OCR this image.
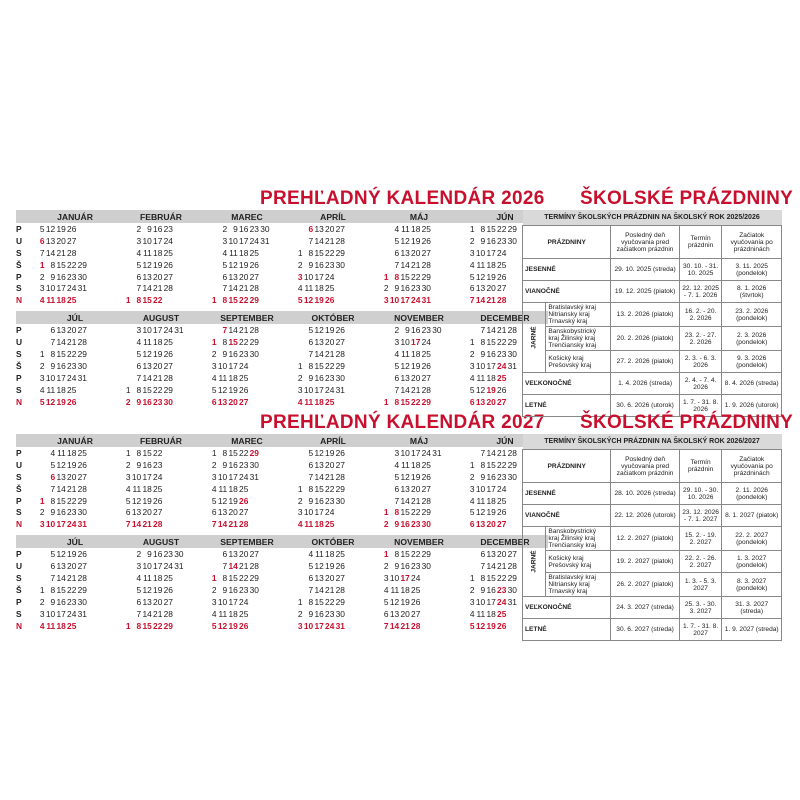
PREHĽADNÝ KALENDÁR 2026
	JANUÁR	FEBRUÁR	MAREC	APRÍL	MÁJ	JÚN
P	5121926	2 91623	2 9162330	6132027	4 111825	1 8152229
U	6132027	3101724	310172431	7142128	5121926	2 9162330
S	7142128	4 111825	4 111825	1 8152229	6132027	3101724
Š	1 8152229	5121926	5121926	2 9162330	7142128	4 111825
P	2 9162330	6132027	6132027	3101724	1 8152229	5121926
S	310172431	7142128	7142128	4 111825	2 9162330	6132027
N	4 111825	1 81522	1 8152229	5121926	310172431	7142128

	JÚL	AUGUST	SEPTEMBER	OKTÓBER	NOVEMBER	DECEMBER
P	6132027	310172431	7142128	5121926	2 9162330	7142128
U	7142128	4 111825	1 8152229	6132027	3101724	1 8152229
S	1 8152229	5121926	2 9162330	7142128	4 111825	2 9162330
Š	2 9162330	6132027	3101724	1 8152229	5121926	310172431
P	310172431	7142128	4 111825	2 9162330	6132027	4 111825
S	4 111825	1 8152229	5121926	310172431	7142128	5121926
N	5121926	2 9162330	6132027	4 111825	1 8152229	6132027
PREHĽADNÝ KALENDÁR 2027
	JANUÁR	FEBRUÁR	MAREC	APRÍL	MÁJ	JÚN
P	4 111825	1 81522	1 8152229	5121926	310172431	7142128
U	5121926	2 91623	2 9162330	6132027	4 111825	1 8152229
S	6132027	3101724	310172431	7142128	5121926	2 9162330
Š	7142128	4 111825	4 111825	1 8152229	6132027	3101724
P	1 8152229	5121926	5121926	2 9162330	7142128	4 111825
S	2 9162330	6132027	6132027	3101724	1 8152229	5121926
N	310172431	7142128	7142128	4 111825	2 9162330	6132027

	JÚL	AUGUST	SEPTEMBER	OKTÓBER	NOVEMBER	DECEMBER
P	5121926	2 9162330	6132027	4 111825	1 8152229	6132027
U	6132027	310172431	7142128	5121926	2 9162330	7142128
S	7142128	4 111825	1 8152229	6132027	3101724	1 8152229
Š	1 8152229	5121926	2 9162330	7142128	4 111825	2 9162330
P	2 9162330	6132027	3101724	1 8152229	5121926	310172431
S	310172431	7142128	4 111825	2 9162330	6132027	4 111825
N	4 111825	1 8152229	5121926	310172431	7142128	5121926
ŠKOLSKÉ PRÁZDNINY
TERMÍNY ŠKOLSKÝCH PRÁZDNIN NA ŠKOLSKÝ ROK 2025/2026				
PRÁZDNINY		Posledný deň vyučovania pred začiatkom prázdnin	Termín prázdnin	Začiatok vyučovania po prázdninách
JESENNÉ		29. 10. 2025 (streda)	30. 10. - 31. 10. 2025	3. 11. 2025 (pondelok)
VIANOČNÉ		19. 12. 2025 (piatok)	22. 12. 2025 - 7. 1. 2026	8. 1. 2026 (štvrtok)

JARNÉ	Bratislavský kraj Nitriansky kraj Trnavský kraj	13. 2. 2026 (piatok)	16. 2. - 20. 2. 2026	23. 2. 2026 (pondelok)
	Banskobystrický kraj Žilinský kraj Trenčiansky kraj	20. 2. 2026 (piatok)	23. 2. - 27. 2. 2026	2. 3. 2026 (pondelok)
	Košický kraj Prešovský kraj	27. 2. 2026 (piatok)	2. 3. - 6. 3. 2026	9. 3. 2026 (pondelok)
VEĽKONOČNÉ		1. 4. 2026 (streda)	2. 4. - 7. 4. 2026	8. 4. 2026 (streda)
LETNÉ		30. 6. 2026 (utorok)	1. 7. - 31. 8. 2026	1. 9. 2026 (utorok)
ŠKOLSKÉ PRÁZDNINY
TERMÍNY ŠKOLSKÝCH PRÁZDNIN NA ŠKOLSKÝ ROK 2026/2027				
PRÁZDNINY		Posledný deň vyučovania pred začiatkom prázdnin	Termín prázdnin	Začiatok vyučovania po prázdninách
JESENNÉ		28. 10. 2026 (streda)	29. 10. - 30. 10. 2026	2. 11. 2026 (pondelok)
VIANOČNÉ		22. 12. 2026 (utorok)	23. 12. 2026 - 7. 1. 2027	8. 1. 2027 (piatok)

JARNÉ	Banskobystrický kraj Žilinský kraj Trenčiansky kraj	12. 2. 2027 (piatok)	15. 2. - 19. 2. 2027	22. 2. 2027 (pondelok)
	Košický kraj Prešovský kraj	19. 2. 2027 (piatok)	22. 2. - 26. 2. 2027	1. 3. 2027 (pondelok)
	Bratislavský kraj Nitriansky kraj Trnavský kraj	26. 2. 2027 (piatok)	1. 3. - 5. 3. 2027	8. 3. 2027 (pondelok)
VEĽKONOČNÉ		24. 3. 2027 (streda)	25. 3. - 30. 3. 2027	31. 3. 2027 (streda)
LETNÉ		30. 6. 2027 (streda)	1. 7. - 31. 8. 2027	1. 9. 2027 (streda)
